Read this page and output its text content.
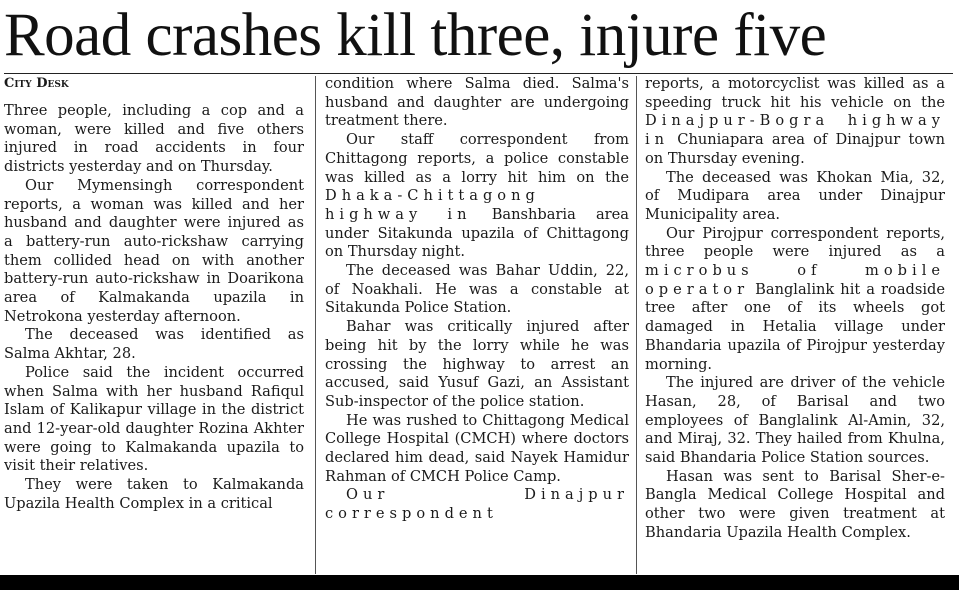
Road crashes kill three, injure five
City Desk

Three people, including a cop and a woman, were killed and five others injured in road accidents in four districts yesterday and on Thursday.

Our Mymensingh correspondent reports, a woman was killed and her husband and daughter were injured as a battery-run auto-rickshaw carrying them collided head on with another battery-run auto-rickshaw in Doarikona area of Kalmakanda upazila in Netrokona yesterday afternoon.

The deceased was identified as Salma Akhtar, 28.

Police said the incident occurred when Salma with her husband Rafiqul Islam of Kalikapur village in the district and 12-year-old daughter Rozina Akhter were going to Kalmakanda upazila to visit their relatives.

They were taken to Kalmakanda Upazila Health Complex in a critical

condition where Salma died. Salma's husband and daughter are undergoing treatment there.

Our staff correspondent from Chittagong reports, a police constable was killed as a lorry hit him on the Dhaka-Chittagong highway in Banshbaria area under Sitakunda upazila of Chittagong on Thursday night.

The deceased was Bahar Uddin, 22, of Noakhali. He was a constable at Sitakunda Police Station.

Bahar was critically injured after being hit by the lorry while he was crossing the highway to arrest an accused, said Yusuf Gazi, an Assistant Sub-inspector of the police station.

He was rushed to Chittagong Medical College Hospital (CMCH) where doctors declared him dead, said Nayek Hamidur Rahman of CMCH Police Camp.

Our Dinajpur correspondent

reports, a motorcyclist was killed as a speeding truck hit his vehicle on the Dinajpur-Bogra highway in Chuniapara area of Dinajpur town on Thursday evening.

The deceased was Khokan Mia, 32, of Mudipara area under Dinajpur Municipality area.

Our Pirojpur correspondent reports, three people were injured as a microbus of mobile operator Banglalink hit a roadside tree after one of its wheels got damaged in Hetalia village under Bhandaria upazila of Pirojpur yesterday morning.

The injured are driver of the vehicle Hasan, 28, of Barisal and two employees of Banglalink Al-Amin, 32, and Miraj, 32. They hailed from Khulna, said Bhandaria Police Station sources.

Hasan was sent to Barisal Sher-e-Bangla Medical College Hospital and other two were given treatment at Bhandaria Upazila Health Complex.
